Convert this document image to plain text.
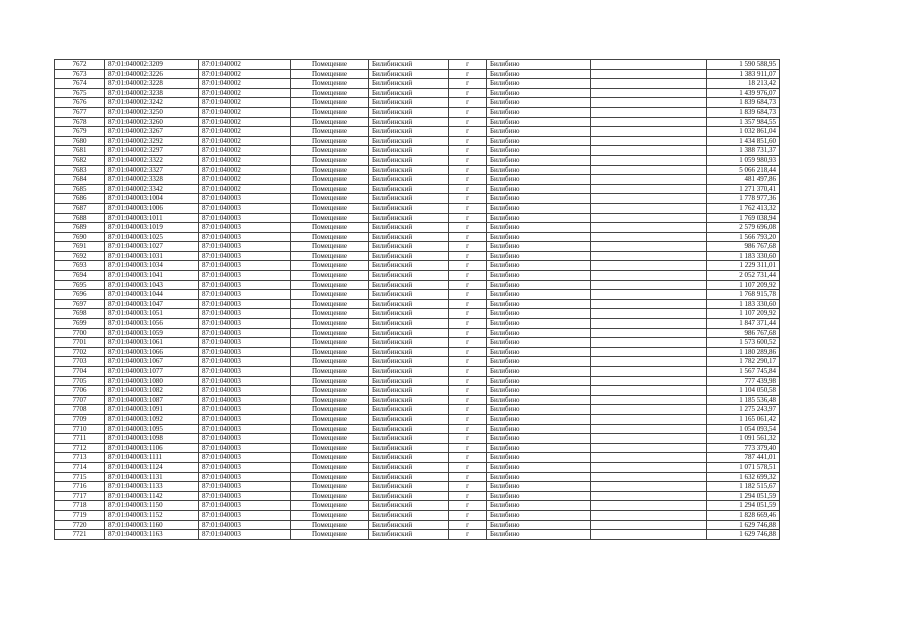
7672	87:01:040002:3209	87:01:040002	Помещение	Билибинский	г	Билибино		1 590 588,95
7673	87:01:040002:3226	87:01:040002	Помещение	Билибинский	г	Билибино		1 383 911,07
7674	87:01:040002:3228	87:01:040002	Помещение	Билибинский	г	Билибино		18 213,42
7675	87:01:040002:3238	87:01:040002	Помещение	Билибинский	г	Билибино		1 439 976,07
7676	87:01:040002:3242	87:01:040002	Помещение	Билибинский	г	Билибино		1 839 684,73
7677	87:01:040002:3250	87:01:040002	Помещение	Билибинский	г	Билибино		1 839 684,73
7678	87:01:040002:3260	87:01:040002	Помещение	Билибинский	г	Билибино		1 357 984,55
7679	87:01:040002:3267	87:01:040002	Помещение	Билибинский	г	Билибино		1 032 861,04
7680	87:01:040002:3292	87:01:040002	Помещение	Билибинский	г	Билибино		1 434 851,60
7681	87:01:040002:3297	87:01:040002	Помещение	Билибинский	г	Билибино		1 388 731,37
7682	87:01:040002:3322	87:01:040002	Помещение	Билибинский	г	Билибино		1 059 980,93
7683	87:01:040002:3327	87:01:040002	Помещение	Билибинский	г	Билибино		5 066 218,44
7684	87:01:040002:3328	87:01:040002	Помещение	Билибинский	г	Билибино		481 497,86
7685	87:01:040002:3342	87:01:040002	Помещение	Билибинский	г	Билибино		1 271 370,41
7686	87:01:040003:1004	87:01:040003	Помещение	Билибинский	г	Билибино		1 778 977,36
7687	87:01:040003:1006	87:01:040003	Помещение	Билибинский	г	Билибино		1 762 413,32
7688	87:01:040003:1011	87:01:040003	Помещение	Билибинский	г	Билибино		1 769 038,94
7689	87:01:040003:1019	87:01:040003	Помещение	Билибинский	г	Билибино		2 579 696,08
7690	87:01:040003:1025	87:01:040003	Помещение	Билибинский	г	Билибино		1 566 793,20
7691	87:01:040003:1027	87:01:040003	Помещение	Билибинский	г	Билибино		986 767,68
7692	87:01:040003:1031	87:01:040003	Помещение	Билибинский	г	Билибино		1 183 330,60
7693	87:01:040003:1034	87:01:040003	Помещение	Билибинский	г	Билибино		1 229 311,01
7694	87:01:040003:1041	87:01:040003	Помещение	Билибинский	г	Билибино		2 052 731,44
7695	87:01:040003:1043	87:01:040003	Помещение	Билибинский	г	Билибино		1 107 209,92
7696	87:01:040003:1044	87:01:040003	Помещение	Билибинский	г	Билибино		1 768 915,78
7697	87:01:040003:1047	87:01:040003	Помещение	Билибинский	г	Билибино		1 183 330,60
7698	87:01:040003:1051	87:01:040003	Помещение	Билибинский	г	Билибино		1 107 209,92
7699	87:01:040003:1056	87:01:040003	Помещение	Билибинский	г	Билибино		1 847 371,44
7700	87:01:040003:1059	87:01:040003	Помещение	Билибинский	г	Билибино		986 767,68
7701	87:01:040003:1061	87:01:040003	Помещение	Билибинский	г	Билибино		1 573 600,52
7702	87:01:040003:1066	87:01:040003	Помещение	Билибинский	г	Билибино		1 180 289,86
7703	87:01:040003:1067	87:01:040003	Помещение	Билибинский	г	Билибино		1 782 290,17
7704	87:01:040003:1077	87:01:040003	Помещение	Билибинский	г	Билибино		1 567 745,84
7705	87:01:040003:1080	87:01:040003	Помещение	Билибинский	г	Билибино		777 439,98
7706	87:01:040003:1082	87:01:040003	Помещение	Билибинский	г	Билибино		1 104 050,58
7707	87:01:040003:1087	87:01:040003	Помещение	Билибинский	г	Билибино		1 185 536,48
7708	87:01:040003:1091	87:01:040003	Помещение	Билибинский	г	Билибино		1 275 243,97
7709	87:01:040003:1092	87:01:040003	Помещение	Билибинский	г	Билибино		1 165 061,42
7710	87:01:040003:1095	87:01:040003	Помещение	Билибинский	г	Билибино		1 054 093,54
7711	87:01:040003:1098	87:01:040003	Помещение	Билибинский	г	Билибино		1 091 561,32
7712	87:01:040003:1106	87:01:040003	Помещение	Билибинский	г	Билибино		773 379,40
7713	87:01:040003:1111	87:01:040003	Помещение	Билибинский	г	Билибино		787 441,01
7714	87:01:040003:1124	87:01:040003	Помещение	Билибинский	г	Билибино		1 071 578,51
7715	87:01:040003:1131	87:01:040003	Помещение	Билибинский	г	Билибино		1 632 699,32
7716	87:01:040003:1133	87:01:040003	Помещение	Билибинский	г	Билибино		1 182 515,67
7717	87:01:040003:1142	87:01:040003	Помещение	Билибинский	г	Билибино		1 294 051,59
7718	87:01:040003:1150	87:01:040003	Помещение	Билибинский	г	Билибино		1 294 051,59
7719	87:01:040003:1152	87:01:040003	Помещение	Билибинский	г	Билибино		1 828 669,46
7720	87:01:040003:1160	87:01:040003	Помещение	Билибинский	г	Билибино		1 629 746,88
7721	87:01:040003:1163	87:01:040003	Помещение	Билибинский	г	Билибино		1 629 746,88
